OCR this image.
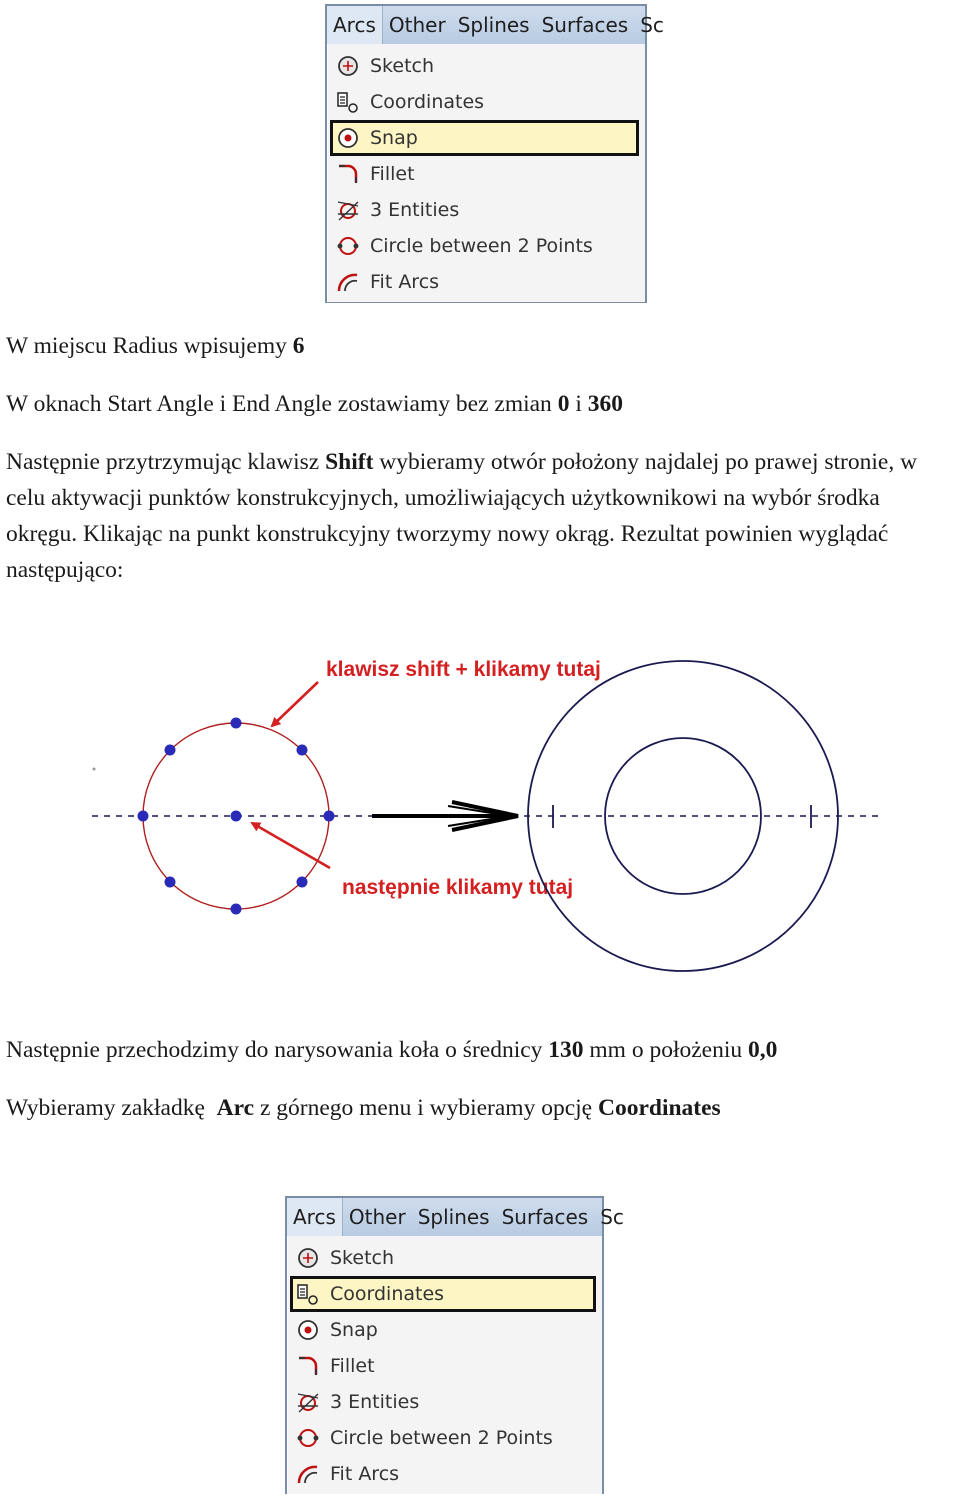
Arcs Other Splines Surfaces Sc
Sketch
Coordinates
Snap
Fillet
3 Entities
Circle between 2 Points
Fit Arcs

W miejscu Radius wpisujemy 6

W oknach Start Angle i End Angle zostawiamy bez zmian 0 i 360

Następnie przytrzymując klawisz Shift wybieramy otwór położony najdalej po prawej stronie, w celu aktywacji punktów konstrukcyjnych, umożliwiających użytkownikowi na wybór środka okręgu. Klikając na punkt konstrukcyjny tworzymy nowy okrąg. Rezultat powinien wyglądać następująco:

klawisz shift + klikamy tutaj
następnie klikamy tutaj

Następnie przechodzimy do narysowania koła o średnicy 130 mm o położeniu 0,0

Wybieramy zakładkę  Arc z górnego menu i wybieramy opcję Coordinates

Arcs Other Splines Surfaces Sc
Sketch
Coordinates
Snap
Fillet
3 Entities
Circle between 2 Points
Fit Arcs
